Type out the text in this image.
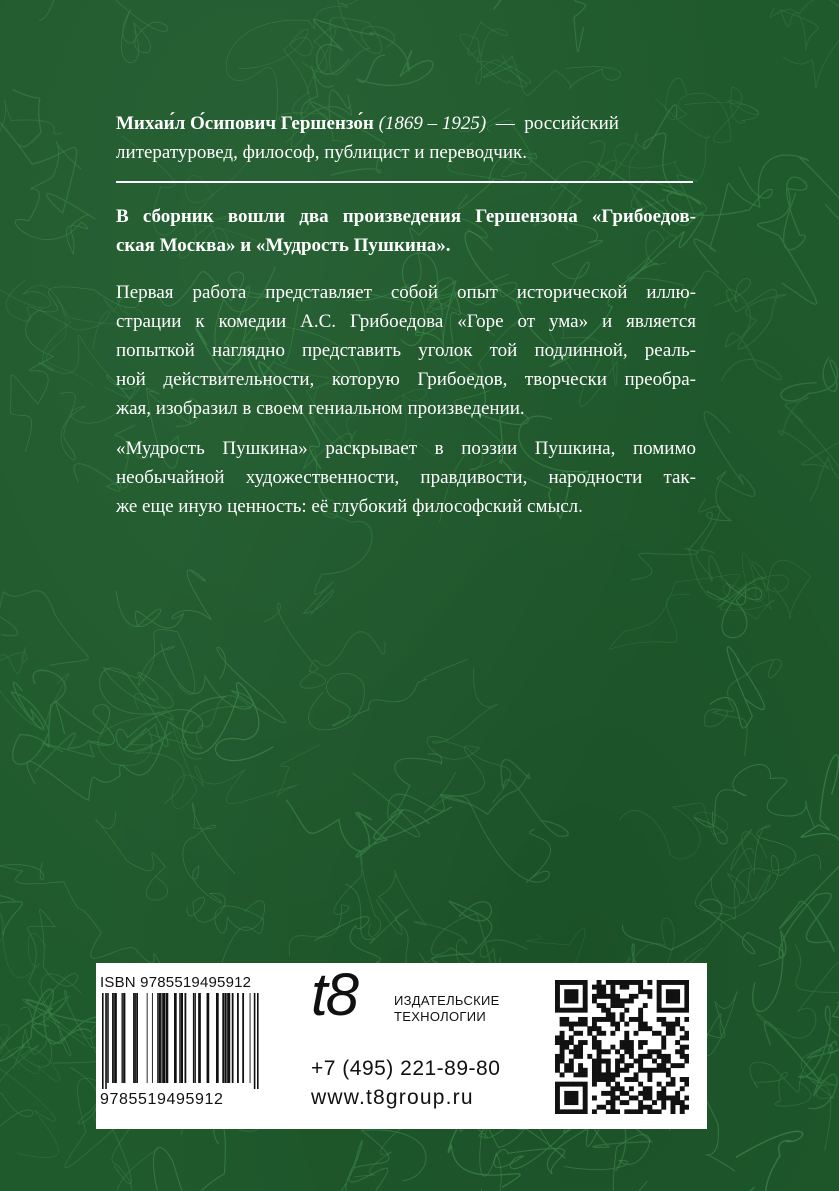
Михаи́л О́сипович Гершензо́н (1869 – 1925) — российский
литературовед, философ, публицист и переводчик.
В сборник вошли два произведения Гершензона «Грибоедов-
ская Москва» и «Мудрость Пушкина».
Первая работа представляет собой опыт исторической иллю-
страции к комедии А.С. Грибоедова «Горе от ума» и является
попыткой наглядно представить уголок той подлинной, реаль-
ной действительности, которую Грибоедов, творчески преобра-
жая, изобразил в своем гениальном произведении.
«Мудрость Пушкина» раскрывает в поэзии Пушкина, помимо
необычайной художественности, правдивости, народности так-
же еще иную ценность: её глубокий философский смысл.
ISBN 9785519495912
9785519495912
t8	ИЗДАТЕЛЬСКИЕ
ТЕХНОЛОГИИ
+7 (495) 221-89-80
www.t8group.ru
